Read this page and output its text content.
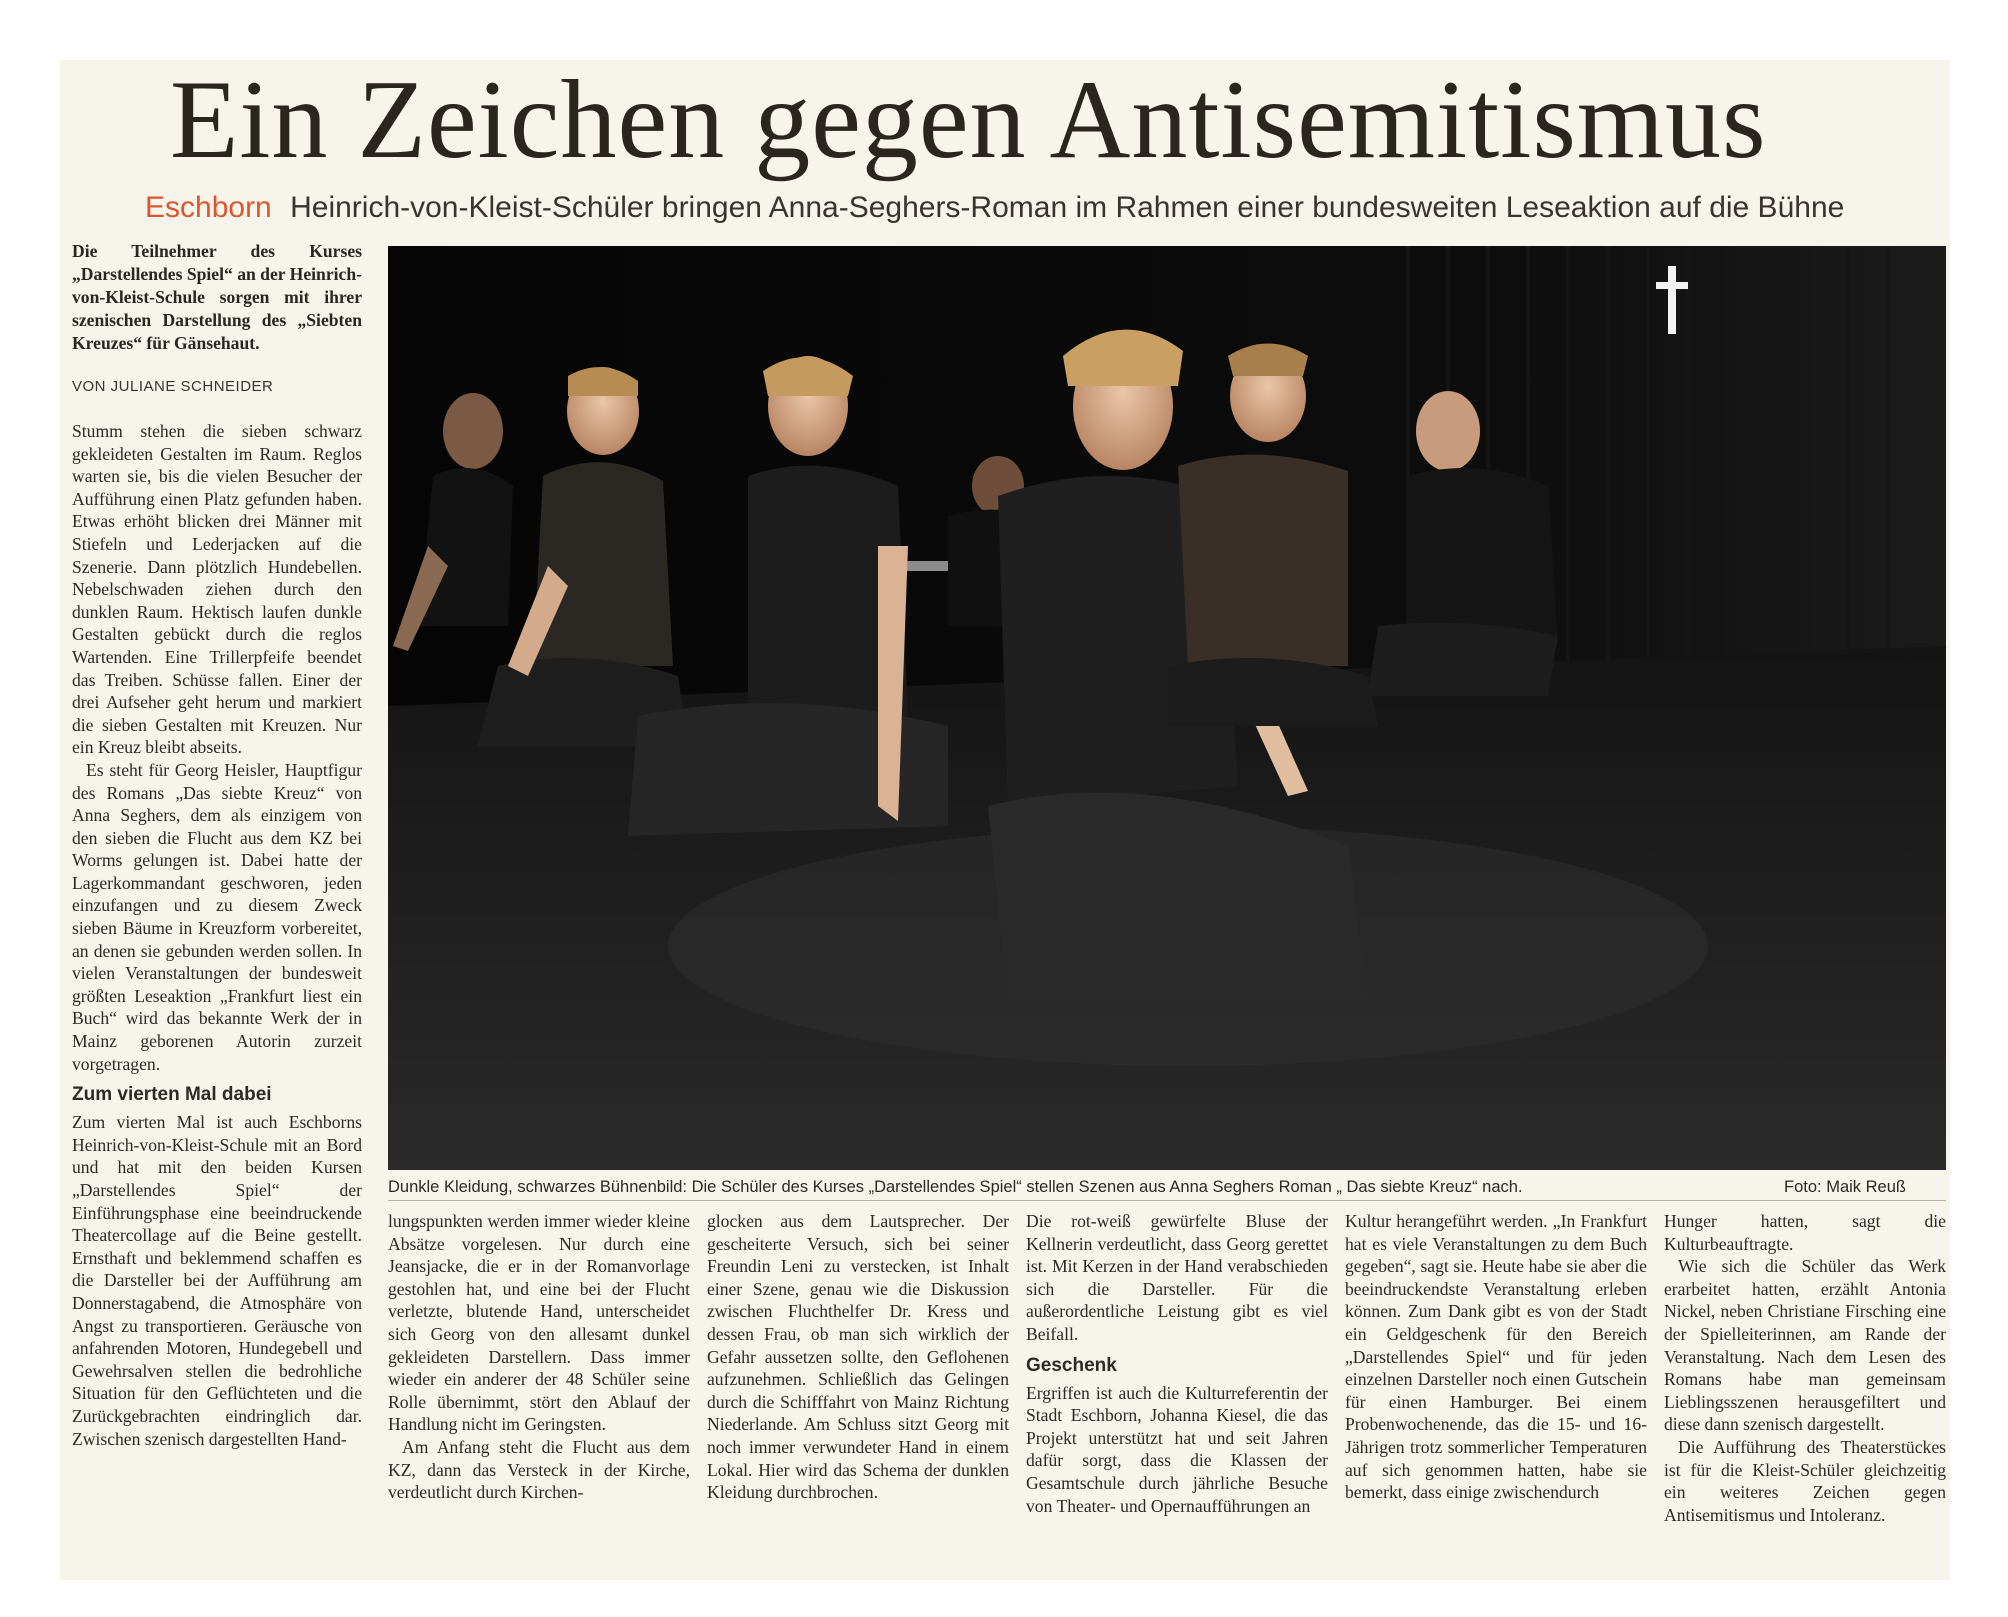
Ein Zeichen gegen Antisemitismus
Eschborn Heinrich-von-Kleist-Schüler bringen Anna-Seghers-Roman im Rahmen einer bundesweiten Leseaktion auf die Bühne
Die Teilnehmer des Kurses „Darstellendes Spiel“ an der Heinrich-von-Kleist-Schule sorgen mit ihrer szenischen Darstellung des „Siebten Kreuzes“ für Gänsehaut.
VON JULIANE SCHNEIDER

Stumm stehen die sieben schwarz gekleideten Gestalten im Raum. Reglos warten sie, bis die vielen Besucher der Aufführung einen Platz gefunden haben. Etwas erhöht blicken drei Männer mit Stiefeln und Lederjacken auf die Szenerie. Dann plötzlich Hundebellen. Nebelschwaden ziehen durch den dunklen Raum. Hektisch laufen dunkle Gestalten gebückt durch die reglos Wartenden. Eine Trillerpfeife beendet das Treiben. Schüsse fallen. Einer der drei Aufseher geht herum und markiert die sieben Gestalten mit Kreuzen. Nur ein Kreuz bleibt abseits.

Es steht für Georg Heisler, Hauptfigur des Romans „Das siebte Kreuz“ von Anna Seghers, dem als einzigem von den sieben die Flucht aus dem KZ bei Worms gelungen ist. Dabei hatte der Lagerkommandant geschworen, jeden einzufangen und zu diesem Zweck sieben Bäume in Kreuzform vorbereitet, an denen sie gebunden werden sollen. In vielen Veranstaltungen der bundesweit größten Leseaktion „Frankfurt liest ein Buch“ wird das bekannte Werk der in Mainz geborenen Autorin zurzeit vorgetragen.

Zum vierten Mal dabei

Zum vierten Mal ist auch Eschborns Heinrich-von-Kleist-Schule mit an Bord und hat mit den beiden Kursen „Darstellendes Spiel“ der Einführungsphase eine beeindruckende Theatercollage auf die Beine gestellt. Ernsthaft und beklemmend schaffen es die Darsteller bei der Aufführung am Donnerstagabend, die Atmosphäre von Angst zu transportieren. Geräusche von anfahrenden Motoren, Hundegebell und Gewehrsalven stellen die bedrohliche Situation für den Geflüchteten und die Zurückgebrachten eindringlich dar. Zwischen szenisch dargestellten Hand-

Dunkle Kleidung, schwarzes Bühnenbild: Die Schüler des Kurses „Darstellendes Spiel“ stellen Szenen aus Anna Seghers Roman „ Das siebte Kreuz“ nach.	Foto: Maik Reuß

lungspunkten werden immer wieder kleine Absätze vorgelesen. Nur durch eine Jeansjacke, die er in der Romanvorlage gestohlen hat, und eine bei der Flucht verletzte, blutende Hand, unterscheidet sich Georg von den allesamt dunkel gekleideten Darstellern. Dass immer wieder ein anderer der 48 Schüler seine Rolle übernimmt, stört den Ablauf der Handlung nicht im Geringsten.

Am Anfang steht die Flucht aus dem KZ, dann das Versteck in der Kirche, verdeutlicht durch Kirchen-

glocken aus dem Lautsprecher. Der gescheiterte Versuch, sich bei seiner Freundin Leni zu verstecken, ist Inhalt einer Szene, genau wie die Diskussion zwischen Fluchthelfer Dr. Kress und dessen Frau, ob man sich wirklich der Gefahr aussetzen sollte, den Geflohenen aufzunehmen. Schließlich das Gelingen durch die Schifffahrt von Mainz Richtung Niederlande. Am Schluss sitzt Georg mit noch immer verwundeter Hand in einem Lokal. Hier wird das Schema der dunklen Kleidung durchbrochen.

Die rot-weiß gewürfelte Bluse der Kellnerin verdeutlicht, dass Georg gerettet ist. Mit Kerzen in der Hand verabschieden sich die Darsteller. Für die außerordentliche Leistung gibt es viel Beifall.

Geschenk

Ergriffen ist auch die Kulturreferentin der Stadt Eschborn, Johanna Kiesel, die das Projekt unterstützt hat und seit Jahren dafür sorgt, dass die Klassen der Gesamtschule durch jährliche Besuche von Theater- und Opernaufführungen an

Kultur herangeführt werden. „In Frankfurt hat es viele Veranstaltungen zu dem Buch gegeben“, sagt sie. Heute habe sie aber die beeindruckendste Veranstaltung erleben können. Zum Dank gibt es von der Stadt ein Geldgeschenk für den Bereich „Darstellendes Spiel“ und für jeden einzelnen Darsteller noch einen Gutschein für einen Hamburger. Bei einem Probenwochenende, das die 15- und 16-Jährigen trotz sommerlicher Temperaturen auf sich genommen hatten, habe sie bemerkt, dass einige zwischendurch

Hunger hatten, sagt die Kulturbeauftragte.

Wie sich die Schüler das Werk erarbeitet hatten, erzählt Antonia Nickel, neben Christiane Firsching eine der Spielleiterinnen, am Rande der Veranstaltung. Nach dem Lesen des Romans habe man gemeinsam Lieblingsszenen herausgefiltert und diese dann szenisch dargestellt.

Die Aufführung des Theaterstückes ist für die Kleist-Schüler gleichzeitig ein weiteres Zeichen gegen Antisemitismus und Intoleranz.
